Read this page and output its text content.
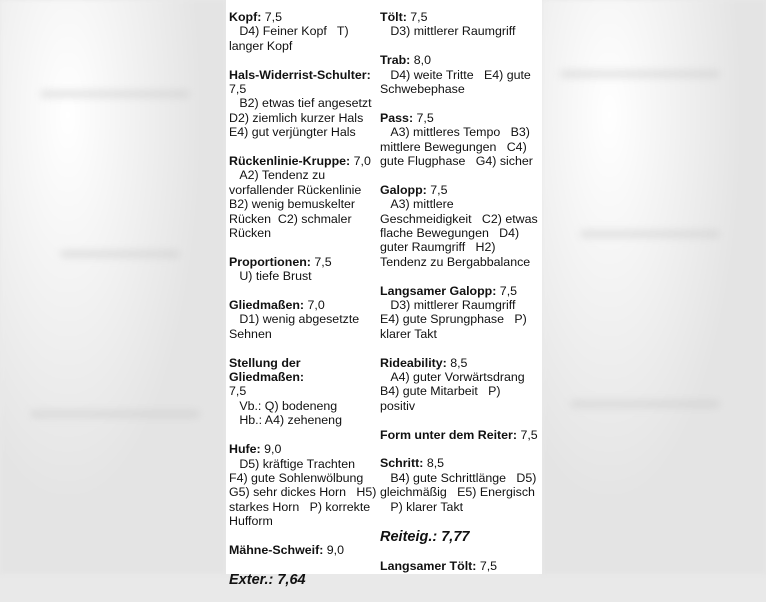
Kopf: 7,5
D4) Feiner Kopf   T)
langer Kopf
Hals-Widerrist-Schulter:
7,5
B2) etwas tief angesetzt
D2) ziemlich kurzer Hals
E4) gut verjüngter Hals
Rückenlinie-Kruppe: 7,0
A2) Tendenz zu
vorfallender Rückenlinie
B2) wenig bemuskelter
Rücken  C2) schmaler
Rücken
Proportionen: 7,5
U) tiefe Brust
Gliedmaßen: 7,0
D1) wenig abgesetzte
Sehnen
Stellung der Gliedmaßen:
7,5
Vb.: Q) bodeneng
Hb.: A4) zeheneng
Hufe: 9,0
D5) kräftige Trachten
F4) gute Sohlenwölbung
G5) sehr dickes Horn   H5)
starkes Horn   P) korrekte
Hufform
Mähne-Schweif: 9,0
Exter.: 7,64
Tölt: 7,5
D3) mittlerer Raumgriff
Trab: 8,0
D4) weite Tritte   E4) gute
Schwebephase
Pass: 7,5
A3) mittleres Tempo   B3)
mittlere Bewegungen   C4)
gute Flugphase   G4) sicher
Galopp: 7,5
A3) mittlere
Geschmeidigkeit   C2) etwas
flache Bewegungen   D4)
guter Raumgriff   H2)
Tendenz zu Bergabbalance
Langsamer Galopp: 7,5
D3) mittlerer Raumgriff
E4) gute Sprungphase   P)
klarer Takt
Rideability: 8,5
A4) guter Vorwärtsdrang
B4) gute Mitarbeit   P)
positiv
Form unter dem Reiter: 7,5
Schritt: 8,5
B4) gute Schrittlänge   D5)
gleichmäßig   E5) Energisch
P) klarer Takt
Reiteig.: 7,77
Langsamer Tölt: 7,5
